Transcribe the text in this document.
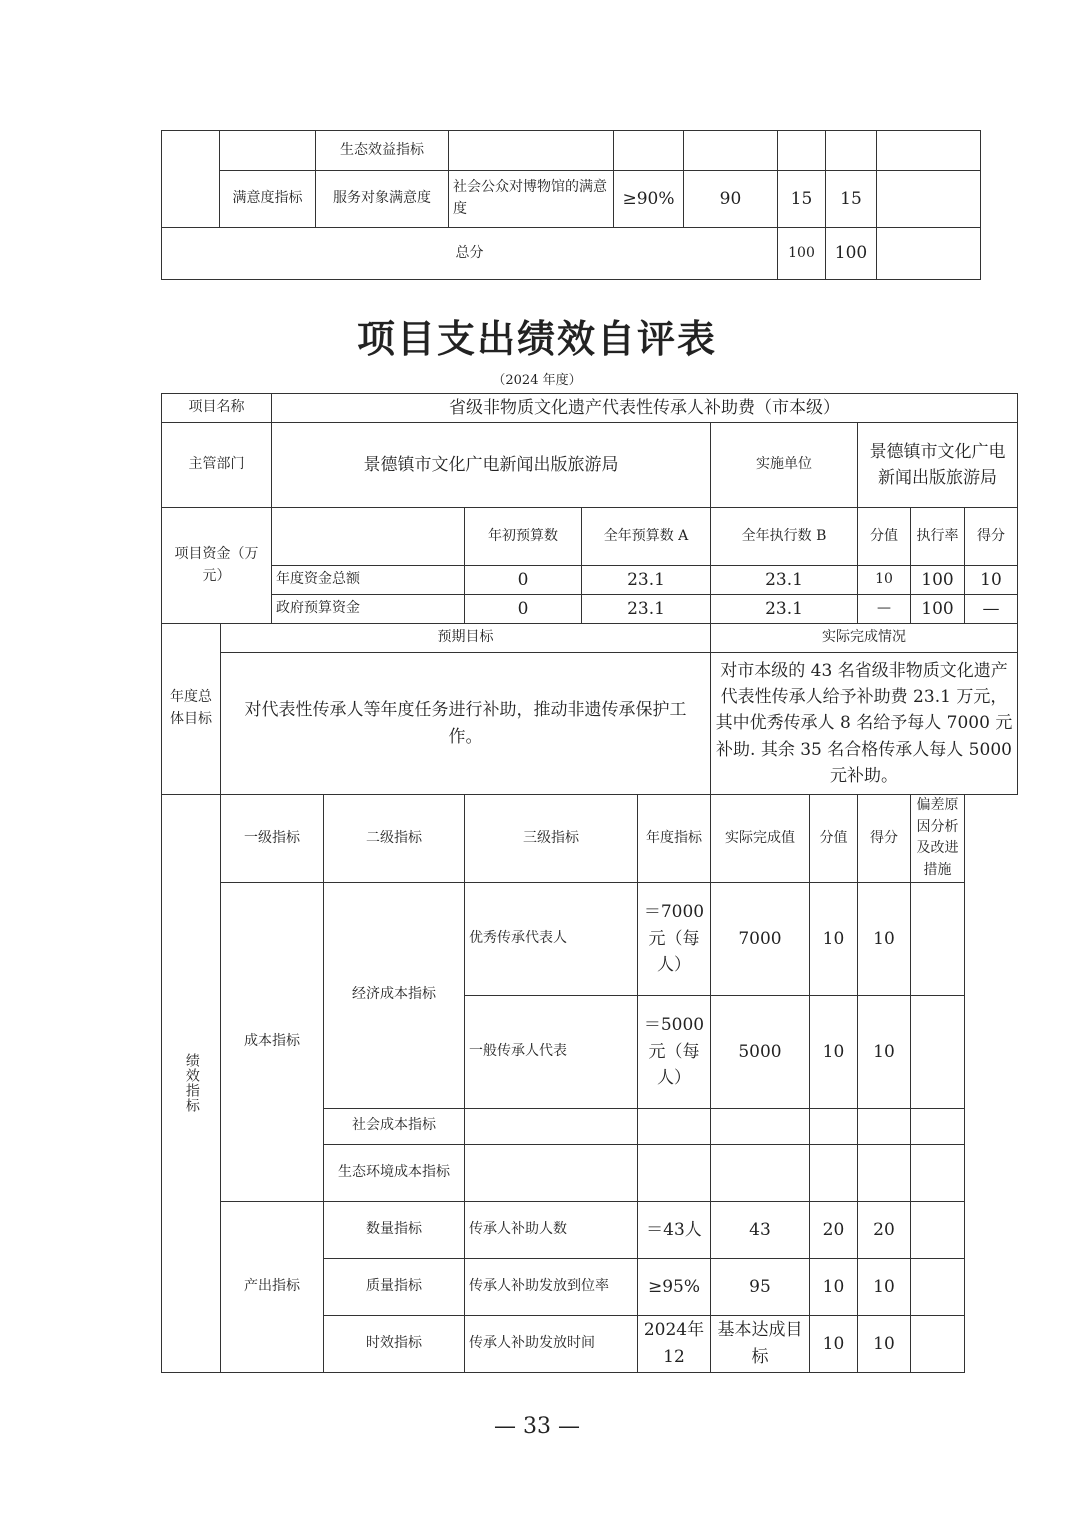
		生态效益指标						
	满意度指标	服务对象满意度	社会公众对博物馆的满意度	≥90%	90	15	15	
总分						100	100	
项目支出绩效自评表
（2024 年度）
项目名称		省级非物质文化遗产代表性传承人补助费（市本级）									
主管部门		景德镇市文化广电新闻出版旅游局					实施单位		景德镇市文化广电新闻出版旅游局		
项目资金（万元）				年初预算数	全年预算数 A		全年执行数 B		分值	执行率	得分
		年度资金总额		0	23.1		23.1		10	100	10
		政府预算资金		0	23.1		23.1		—	100	—

年度总体目标	预期目标						实际完成情况				
	对代表性传承人等年度任务进行补助，推动非遗传承保护工作。						对市本级的 43 名省级非物质文化遗产代表性传承人给予补助费 23.1 万元，其中优秀传承人 8 名给予每人 7000 元补助. 其余 35 名合格传承人每人 5000 元补助。				

绩效指标	一级指标		二级指标	三级指标		年度指标	实际完成值	分值	得分	偏差原因分析及改进措施	
	成本指标		经济成本指标	优秀传承代表人		＝7000元（每人）	7000	10	10		
				一般传承人代表		＝5000元（每人）	5000	10	10		
			社会成本指标								
			生态环境成本指标								
	产出指标		数量指标	传承人补助人数		＝43人	43	20	20		
			质量指标	传承人补助发放到位率		≥95%	95	10	10		
			时效指标	传承人补助发放时间		2024年12	基本达成目标	10	10		
— 33 —
